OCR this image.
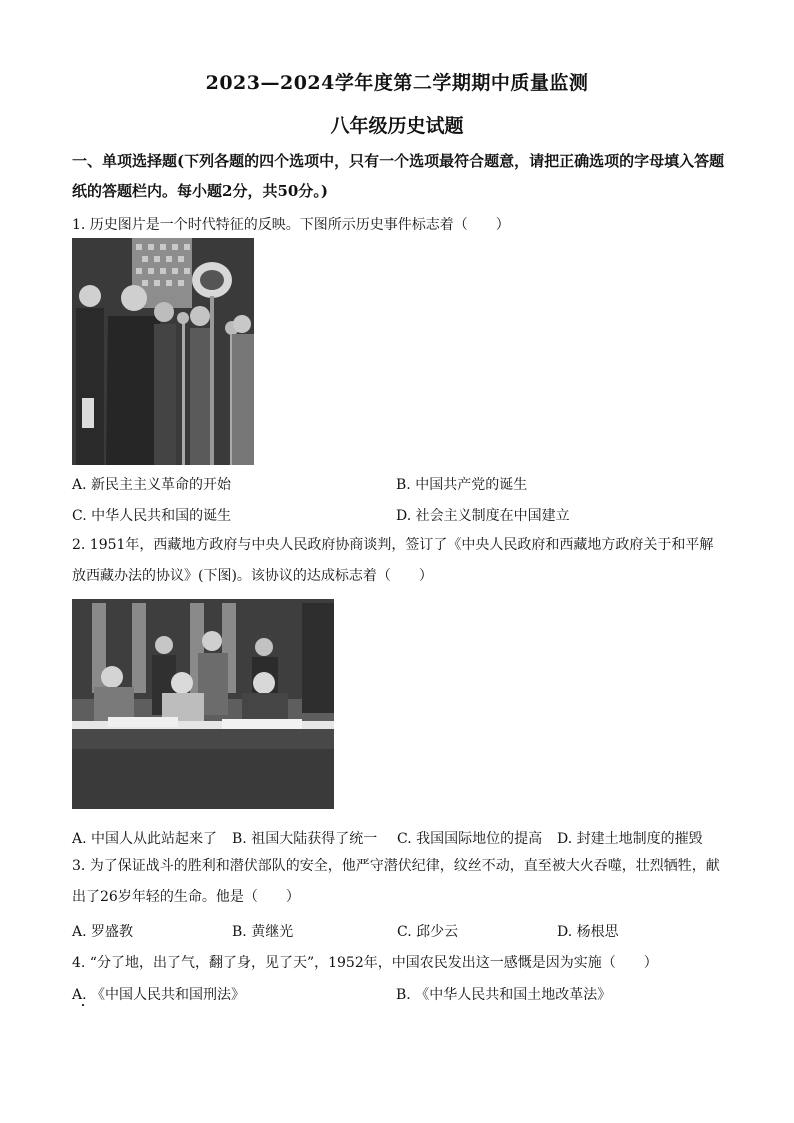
2023—2024学年度第二学期期中质量监测
八年级历史试题
一、单项选择题(下列各题的四个选项中，只有一个选项最符合题意，请把正确选项的字母填入答题纸的答题栏内。每小题2分，共50分。)
1. 历史图片是一个时代特征的反映。下图所示历史事件标志着（　　）
A. 新民主主义革命的开始	B. 中国共产党的诞生
C. 中华人民共和国的诞生	D. 社会主义制度在中国建立
2. 1951年，西藏地方政府与中央人民政府协商谈判，签订了《中央人民政府和西藏地方政府关于和平解放西藏办法的协议》(下图)。该协议的达成标志着（　　）
A. 中国人从此站起来了 B. 祖国大陆获得了统一 C. 我国国际地位的提高 D. 封建土地制度的摧毁
3. 为了保证战斗的胜利和潜伏部队的安全，他严守潜伏纪律，纹丝不动，直至被大火吞噬，壮烈牺牲，献出了26岁年轻的生命。他是（　　）
A. 罗盛教	B. 黄继光	C. 邱少云	D. 杨根思
4. “分了地，出了气，翻了身，见了天”，1952年，中国农民发出这一感慨是因为实施（　　）
A. 《中国人民共和国刑法》	B. 《中华人民共和国土地改革法》
